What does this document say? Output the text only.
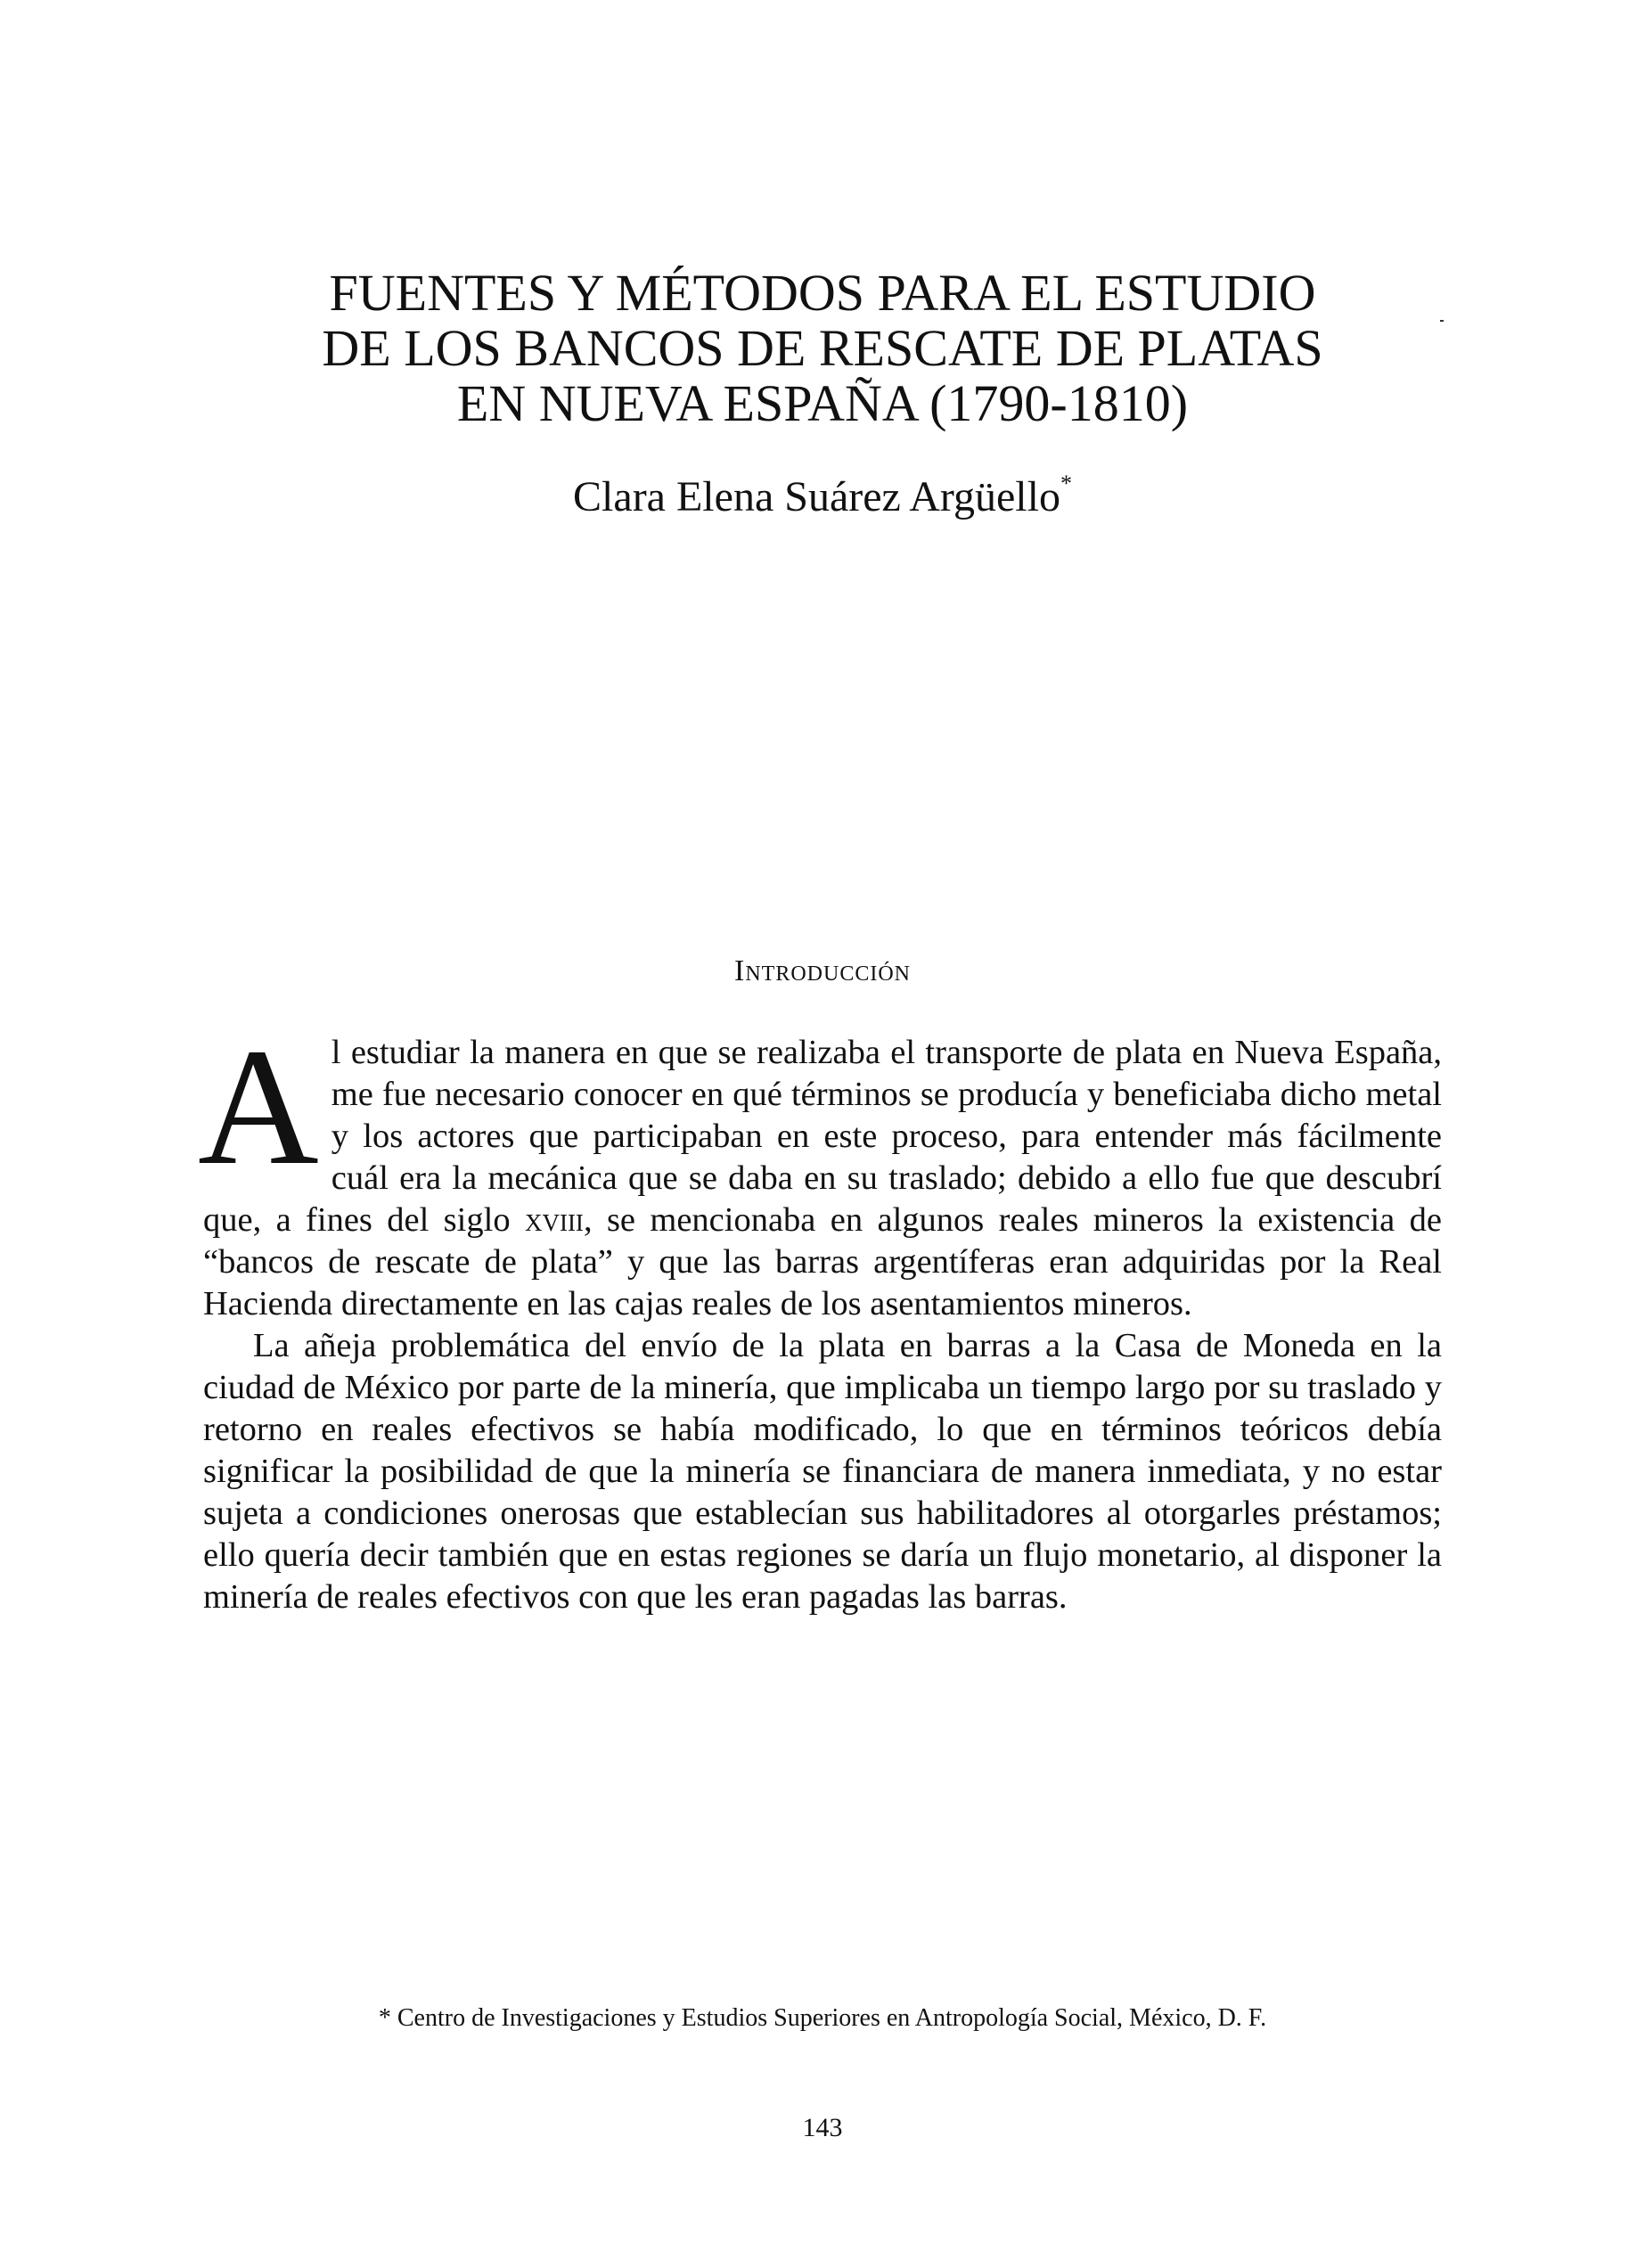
FUENTES Y MÉTODOS PARA EL ESTUDIO
DE LOS BANCOS DE RESCATE DE PLATAS
EN NUEVA ESPAÑA (1790-1810)
Clara Elena Suárez Argüello*
Introducción

Al estudiar la manera en que se realizaba el transporte de plata en Nueva España, me fue necesario conocer en qué términos se producía y beneficiaba dicho metal y los actores que participaban en este proceso, para entender más fácilmente cuál era la mecánica que se daba en su traslado; debido a ello fue que descubrí que, a fines del siglo xviii, se mencionaba en algunos reales mineros la existencia de “bancos de rescate de plata” y que las barras argentíferas eran adquiridas por la Real Hacienda directamente en las cajas reales de los asentamientos mineros.

La añeja problemática del envío de la plata en barras a la Casa de Moneda en la ciudad de México por parte de la minería, que implicaba un tiempo largo por su traslado y retorno en reales efectivos se había modificado, lo que en términos teóricos debía significar la posibilidad de que la minería se financiara de manera inmediata, y no estar sujeta a condiciones onerosas que establecían sus habilitadores al otorgarles préstamos; ello quería decir también que en estas regiones se daría un flujo monetario, al disponer la minería de reales efectivos con que les eran pagadas las barras.

* Centro de Investigaciones y Estudios Superiores en Antropología Social, México, D. F.
143
